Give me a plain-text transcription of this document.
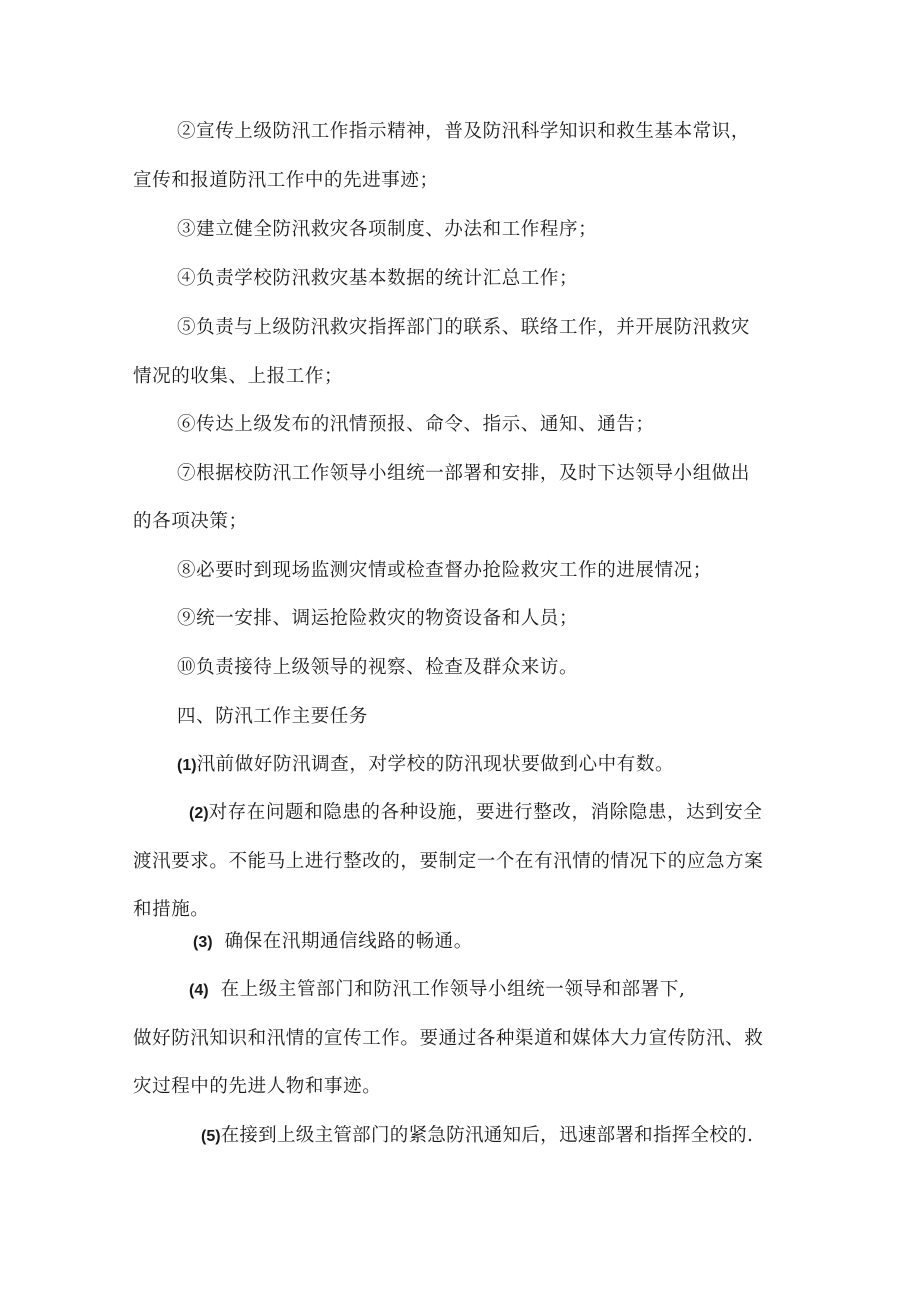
②宣传上级防汛工作指示精神，普及防汛科学知识和救生基本常识，
宣传和报道防汛工作中的先进事迹；
③建立健全防汛救灾各项制度、办法和工作程序；
④负责学校防汛救灾基本数据的统计汇总工作；
⑤负责与上级防汛救灾指挥部门的联系、联络工作，并开展防汛救灾
情况的收集、上报工作；
⑥传达上级发布的汛情预报、命令、指示、通知、通告；
⑦根据校防汛工作领导小组统一部署和安排，及时下达领导小组做出
的各项决策；
⑧必要时到现场监测灾情或检查督办抢险救灾工作的进展情况；
⑨统一安排、调运抢险救灾的物资设备和人员；
⑩负责接待上级领导的视察、检查及群众来访。
四、防汛工作主要任务
(1)汛前做好防汛调查，对学校的防汛现状要做到心中有数。
(2)对存在问题和隐患的各种设施，要进行整改，消除隐患，达到安全
渡汛要求。不能马上进行整改的，要制定一个在有汛情的情况下的应急方案
和措施。
(3) 确保在汛期通信线路的畅通。
(4) 在上级主管部门和防汛工作领导小组统一领导和部署下,
做好防汛知识和汛情的宣传工作。要通过各种渠道和媒体大力宣传防汛、救
灾过程中的先进人物和事迹。
(5)在接到上级主管部门的紧急防汛通知后，迅速部署和指挥全校的.
